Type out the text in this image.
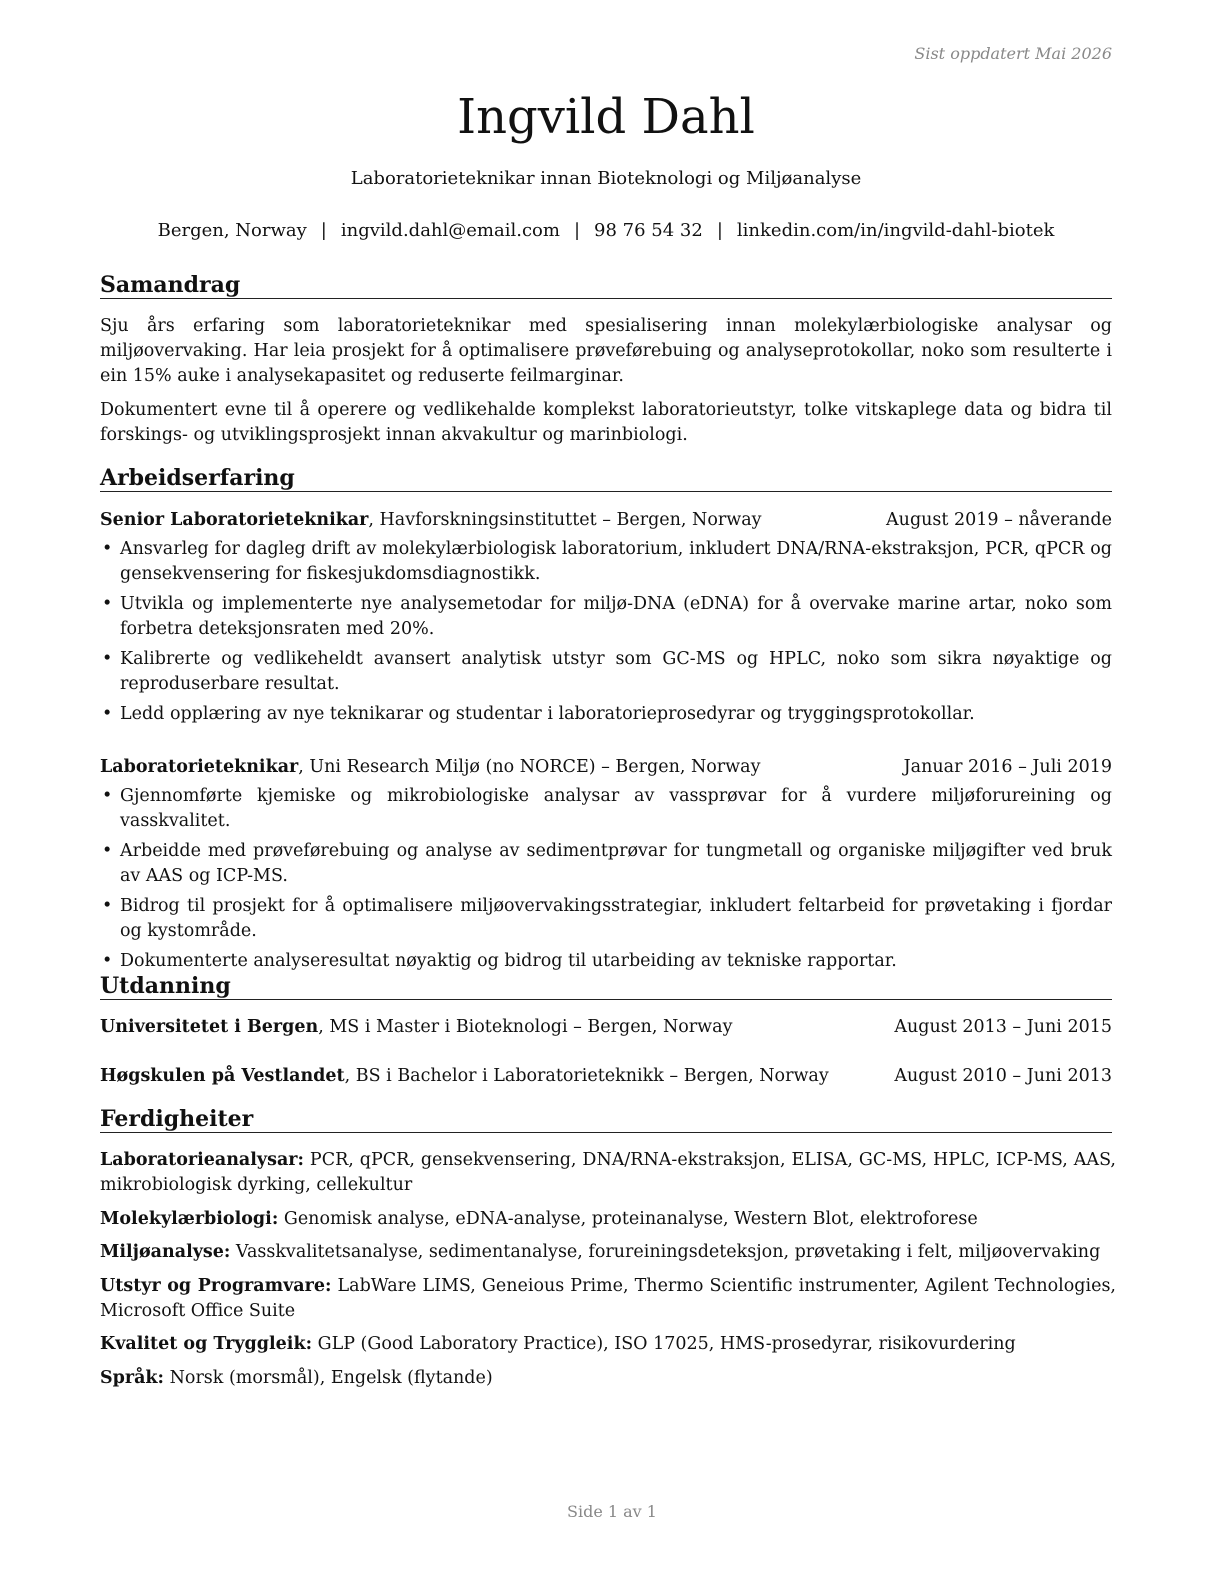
Sist oppdatert Mai 2026
Ingvild Dahl
Laboratorieteknikar innan Bioteknologi og Miljøanalyse
Bergen, Norway | ingvild.dahl@email.com | 98 76 54 32 | linkedin.com/in/ingvild-dahl-biotek
Samandrag
Sju års erfaring som laboratorieteknikar med spesialisering innan molekylærbiologiske analysar og miljøovervaking. Har leia prosjekt for å optimalisere prøveførebuing og analyseprotokollar, noko som resulterte i ein 15% auke i analysekapasitet og reduserte feilmarginar.
Dokumentert evne til å operere og vedlikehalde komplekst laboratorieutstyr, tolke vitskaplege data og bidra til forskings- og utviklingsprosjekt innan akvakultur og marinbiologi.
Arbeidserfaring
Senior Laboratorieteknikar, Havforskningsinstituttet – Bergen, Norway	August 2019 – nåverande
• Ansvarleg for dagleg drift av molekylærbiologisk laboratorium, inkludert DNA/RNA-ekstraksjon, PCR, qPCR og gensekvensering for fiskesjukdomsdiagnostikk.
• Utvikla og implementerte nye analysemetodar for miljø-DNA (eDNA) for å overvake marine artar, noko som forbetra deteksjonsraten med 20%.
• Kalibrerte og vedlikeheldt avansert analytisk utstyr som GC-MS og HPLC, noko som sikra nøyaktige og reproduserbare resultat.
• Ledd opplæring av nye teknikarar og studentar i laboratorieprosedyrar og tryggingsprotokollar.
Laboratorieteknikar, Uni Research Miljø (no NORCE) – Bergen, Norway	Januar 2016 – Juli 2019
• Gjennomførte kjemiske og mikrobiologiske analysar av vassprøvar for å vurdere miljøforureining og vasskvalitet.
• Arbeidde med prøveførebuing og analyse av sedimentprøvar for tungmetall og organiske miljøgifter ved bruk av AAS og ICP-MS.
• Bidrog til prosjekt for å optimalisere miljøovervakingsstrategiar, inkludert feltarbeid for prøvetaking i fjordar og kystområde.
• Dokumenterte analyseresultat nøyaktig og bidrog til utarbeiding av tekniske rapportar.
Utdanning
Universitetet i Bergen, MS i Master i Bioteknologi – Bergen, Norway	August 2013 – Juni 2015
Høgskulen på Vestlandet, BS i Bachelor i Laboratorieteknikk – Bergen, Norway	August 2010 – Juni 2013
Ferdigheiter
Laboratorieanalysar: PCR, qPCR, gensekvensering, DNA/RNA-ekstraksjon, ELISA, GC-MS, HPLC, ICP-MS, AAS, mikrobiologisk dyrking, cellekultur
Molekylærbiologi: Genomisk analyse, eDNA-analyse, proteinanalyse, Western Blot, elektroforese
Miljøanalyse: Vasskvalitetsanalyse, sedimentanalyse, forureiningsdeteksjon, prøvetaking i felt, miljøovervaking
Utstyr og Programvare: LabWare LIMS, Geneious Prime, Thermo Scientific instrumenter, Agilent Technologies, Microsoft Office Suite
Kvalitet og Tryggleik: GLP (Good Laboratory Practice), ISO 17025, HMS-prosedyrar, risikovurdering
Språk: Norsk (morsmål), Engelsk (flytande)
Side 1 av 1
